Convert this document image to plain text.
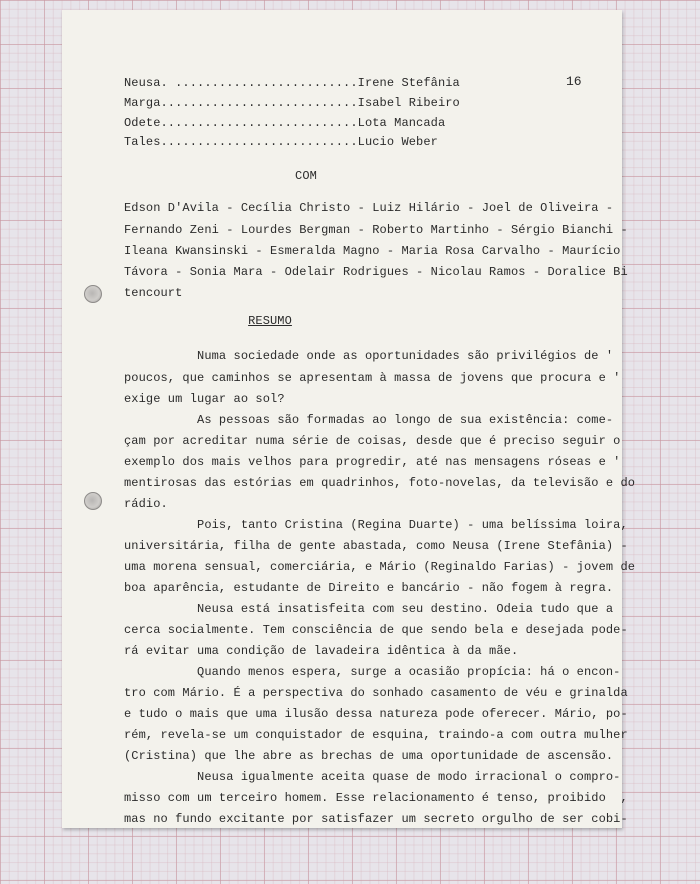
16
Neusa. .........................Irene Stefânia
Marga...........................Isabel Ribeiro
Odete...........................Lota Mancada
Tales...........................Lucio Weber
COM
Edson D'Avila - Cecília Christo - Luiz Hilário - Joel de Oliveira -
Fernando Zeni - Lourdes Bergman - Roberto Martinho - Sérgio Bianchi -
Ileana Kwansinski - Esmeralda Magno - Maria Rosa Carvalho - Maurício
Távora - Sonia Mara - Odelair Rodrigues - Nicolau Ramos - Doralice Bi
tencourt
RESUMO
Numa sociedade onde as oportunidades são privilégios de '
poucos, que caminhos se apresentam à massa de jovens que procura e '
exige um lugar ao sol?
As pessoas são formadas ao longo de sua existência: come-
çam por acreditar numa série de coisas, desde que é preciso seguir o
exemplo dos mais velhos para progredir, até nas mensagens róseas e '
mentirosas das estórias em quadrinhos, foto-novelas, da televisão e do
rádio.
Pois, tanto Cristina (Regina Duarte) - uma belíssima loira,
universitária, filha de gente abastada, como Neusa (Irene Stefânia) -
uma morena sensual, comerciária, e Mário (Reginaldo Farias) - jovem de
boa aparência, estudante de Direito e bancário - não fogem à regra.
Neusa está insatisfeita com seu destino. Odeia tudo que a
cerca socialmente. Tem consciência de que sendo bela e desejada pode-
rá evitar uma condição de lavadeira idêntica à da mãe.
Quando menos espera, surge a ocasião propícia: há o encon-
tro com Mário. É a perspectiva do sonhado casamento de véu e grinalda
e tudo o mais que uma ilusão dessa natureza pode oferecer. Mário, po-
rém, revela-se um conquistador de esquina, traindo-a com outra mulher
(Cristina) que lhe abre as brechas de uma oportunidade de ascensão.
Neusa igualmente aceita quase de modo irracional o compro-
misso com um terceiro homem. Esse relacionamento é tenso, proibido  ,
mas no fundo excitante por satisfazer um secreto orgulho de ser cobi-
